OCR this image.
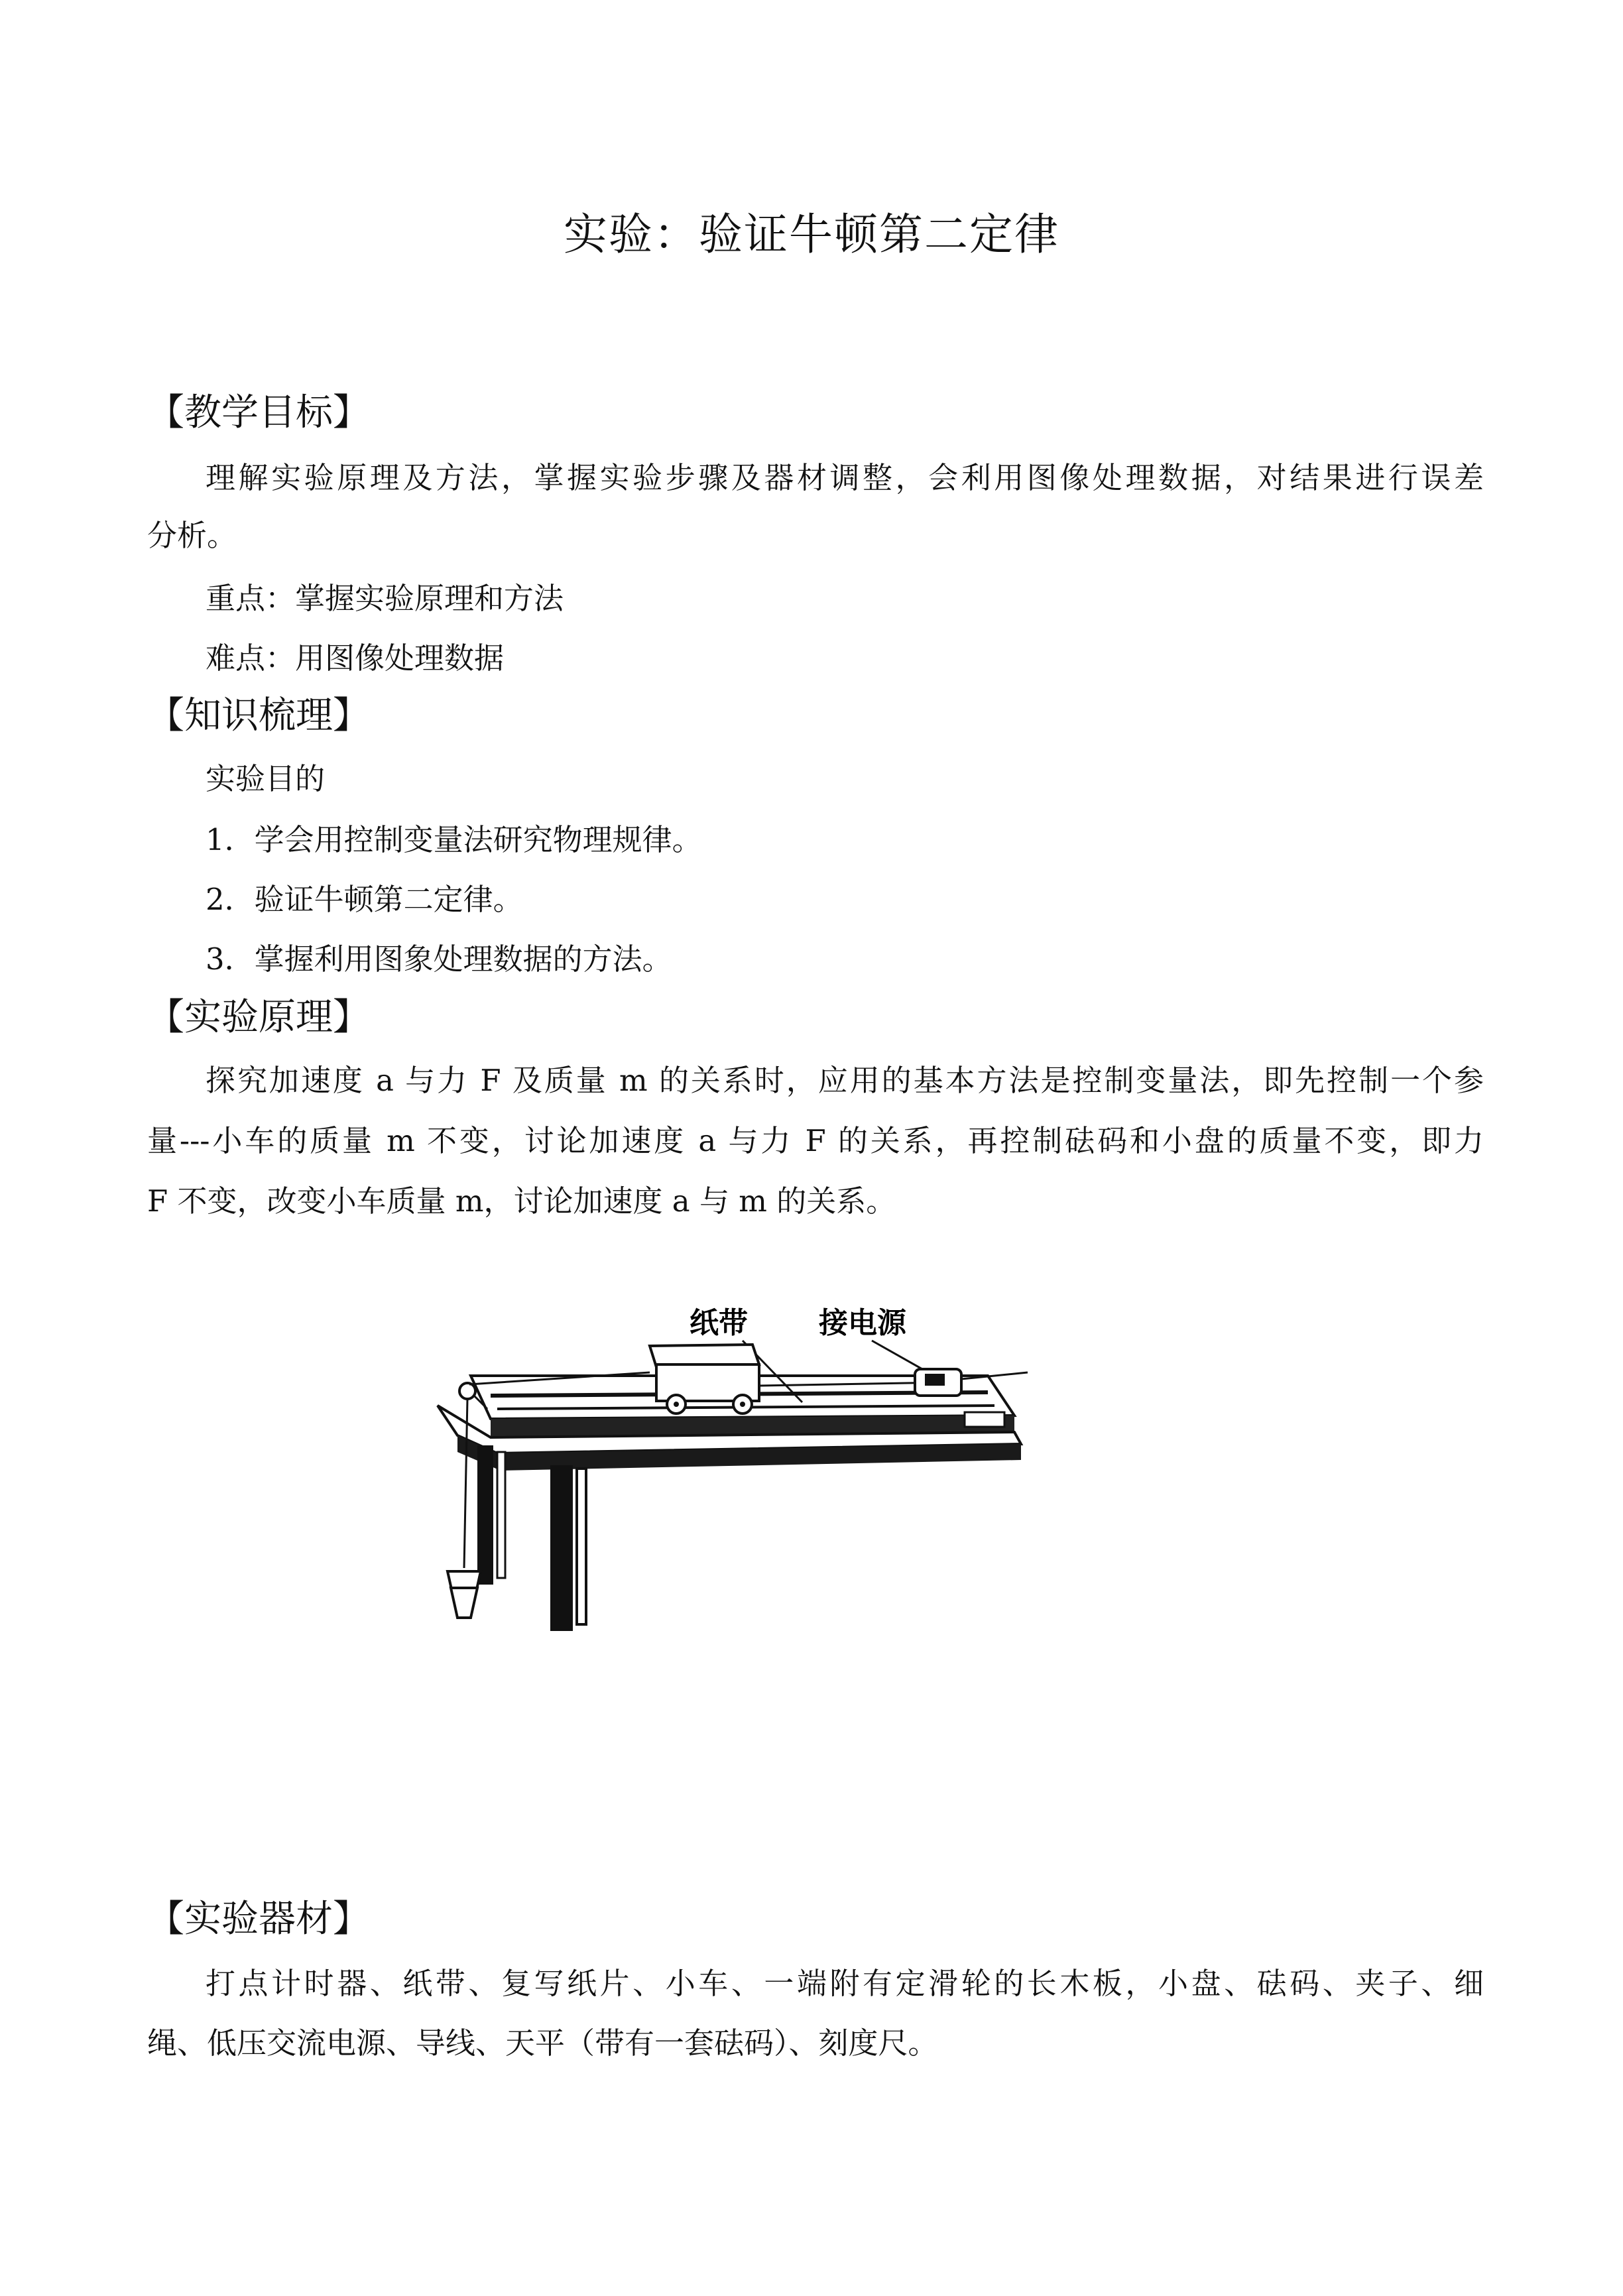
实验：验证牛顿第二定律
【教学目标】
理解实验原理及方法，掌握实验步骤及器材调整，会利用图像处理数据，对结果进行误差
分析。
重点：掌握实验原理和方法
难点：用图像处理数据
【知识梳理】
实验目的
1．学会用控制变量法研究物理规律。
2．验证牛顿第二定律。
3．掌握利用图象处理数据的方法。
【实验原理】
探究加速度 a 与力 F 及质量 m 的关系时，应用的基本方法是控制变量法，即先控制一个参
量---小车的质量 m 不变，讨论加速度 a 与力 F 的关系，再控制砝码和小盘的质量不变，即力
F 不变，改变小车质量 m，讨论加速度 a 与 m 的关系。
纸带 接电源
【实验器材】
打点计时器、纸带、复写纸片、小车、一端附有定滑轮的长木板，小盘、砝码、夹子、细
绳、低压交流电源、导线、天平（带有一套砝码）、刻度尺。
